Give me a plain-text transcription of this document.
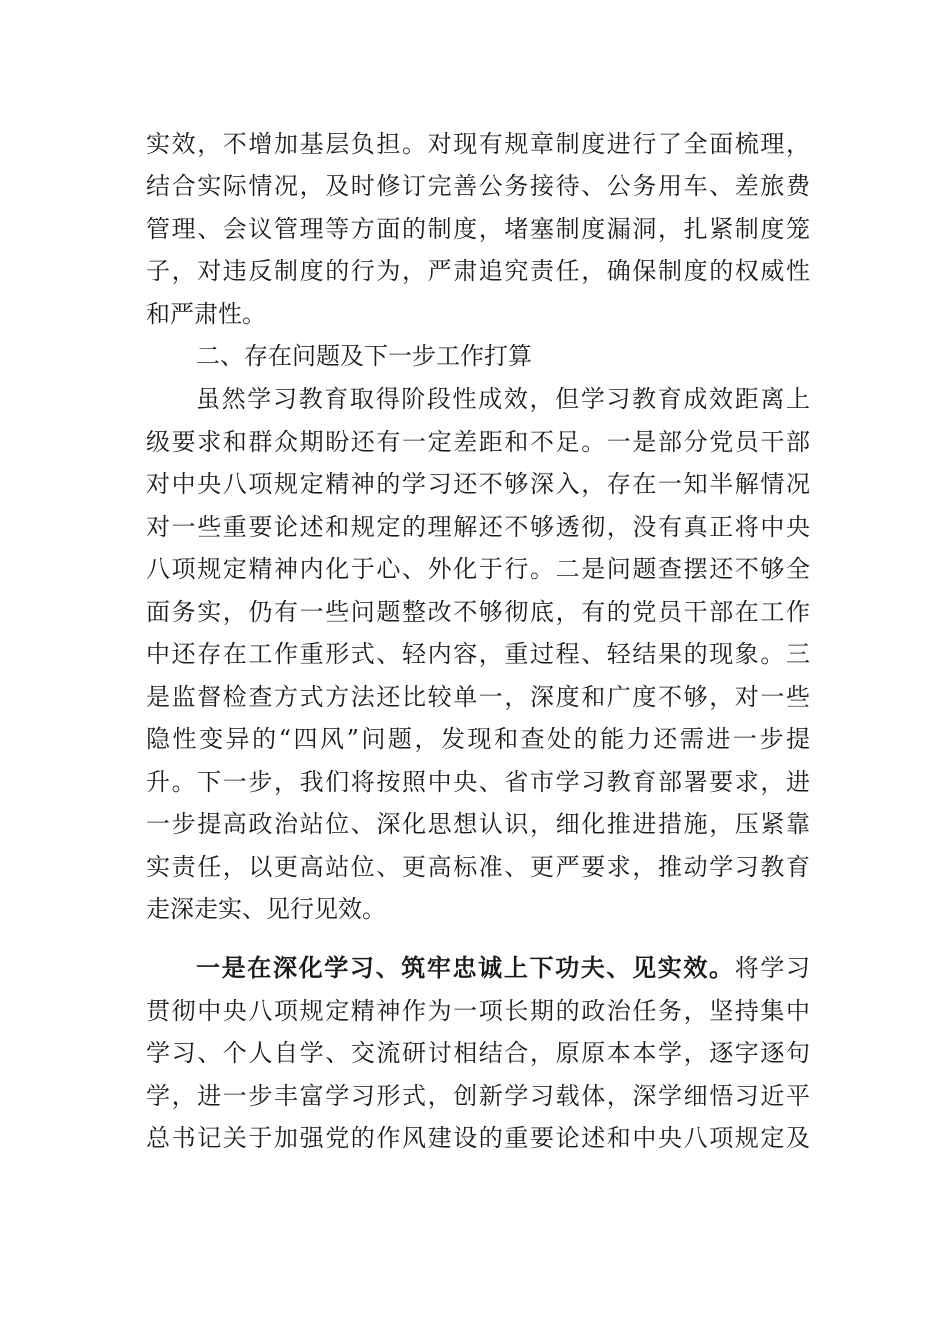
实效，不增加基层负担。对现有规章制度进行了全面梳理，
结合实际情况，及时修订完善公务接待、公务用车、差旅费
管理、会议管理等方面的制度，堵塞制度漏洞，扎紧制度笼
子，对违反制度的行为，严肃追究责任，确保制度的权威性
和严肃性。
二、存在问题及下一步工作打算
虽然学习教育取得阶段性成效，但学习教育成效距离上
级要求和群众期盼还有一定差距和不足。一是部分党员干部
对中央八项规定精神的学习还不够深入，存在一知半解情况
对一些重要论述和规定的理解还不够透彻，没有真正将中央
八项规定精神内化于心、外化于行。二是问题查摆还不够全
面务实，仍有一些问题整改不够彻底，有的党员干部在工作
中还存在工作重形式、轻内容，重过程、轻结果的现象。三
是监督检查方式方法还比较单一，深度和广度不够，对一些
隐性变异的“四风”问题，发现和查处的能力还需进一步提
升。下一步，我们将按照中央、省市学习教育部署要求，进
一步提高政治站位、深化思想认识，细化推进措施，压紧靠
实责任，以更高站位、更高标准、更严要求，推动学习教育
走深走实、见行见效。
一是在深化学习、筑牢忠诚上下功夫、见实效。将学习
贯彻中央八项规定精神作为一项长期的政治任务，坚持集中
学习、个人自学、交流研讨相结合，原原本本学，逐字逐句
学，进一步丰富学习形式，创新学习载体，深学细悟习近平
总书记关于加强党的作风建设的重要论述和中央八项规定及
